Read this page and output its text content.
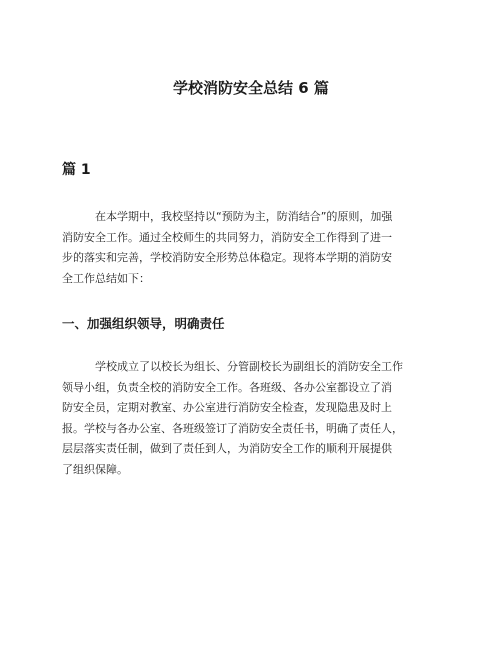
学校消防安全总结 6 篇
篇 1

在本学期中，我校坚持以“预防为主，防消结合”的原则，加强
消防安全工作。通过全校师生的共同努力，消防安全工作得到了进一
步的落实和完善，学校消防安全形势总体稳定。现将本学期的消防安
全工作总结如下：

一、加强组织领导，明确责任

学校成立了以校长为组长、分管副校长为副组长的消防安全工作
领导小组，负责全校的消防安全工作。各班级、各办公室都设立了消
防安全员，定期对教室、办公室进行消防安全检查，发现隐患及时上
报。学校与各办公室、各班级签订了消防安全责任书，明确了责任人，
层层落实责任制，做到了责任到人，为消防安全工作的顺利开展提供
了组织保障。
